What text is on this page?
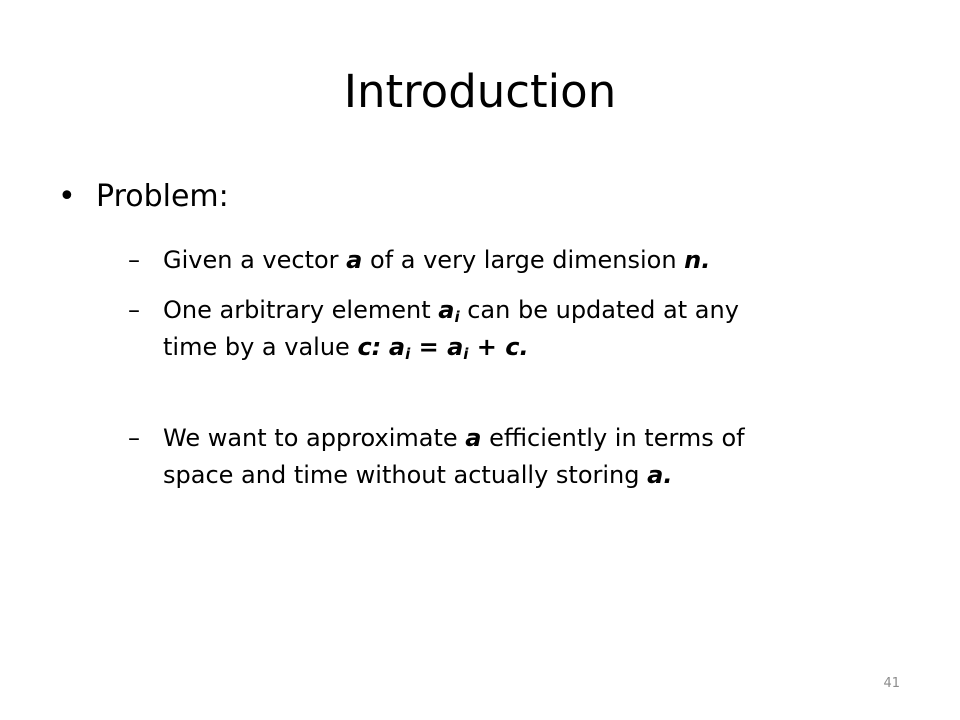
Introduction
• Problem:
– Given a vector a of a very large dimension n.
– One arbitrary element $a_i$ can be updated at any
time by a value c: $a_i = a_i + c$.
– We want to approximate a efficiently in terms of
space and time without actually storing a.
41
